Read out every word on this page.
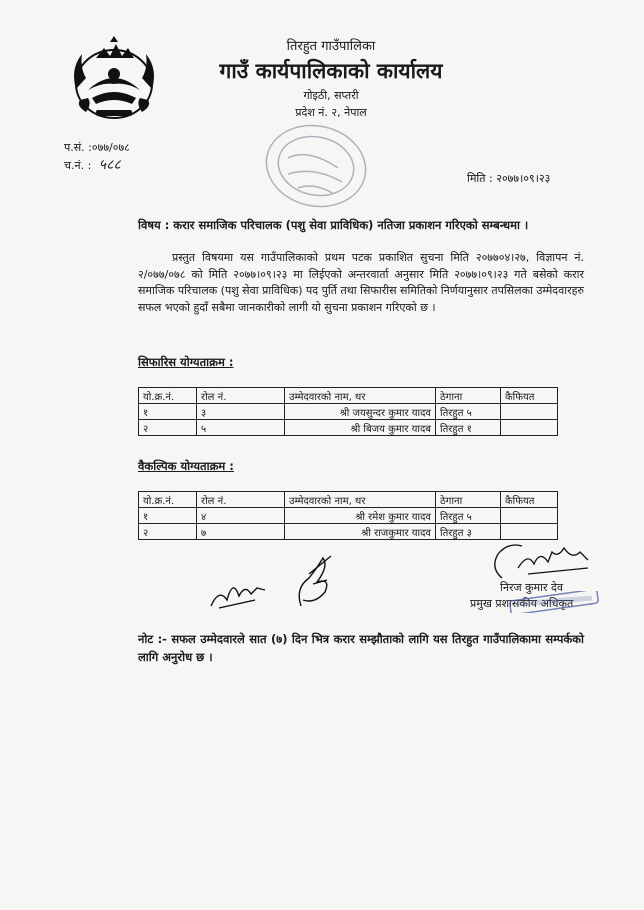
तिरहुत गाउँपालिका
गाउँ कार्यपालिकाको कार्यालय
गोइठी, सप्तरी
प्रदेश नं. २, नेपाल
प.सं. :०७७/०७८
च.नं. : ५८८
मिति : २०७७।०९।२३
विषय : करार समाजिक परिचालक (पशु सेवा प्राविधिक) नतिजा प्रकाशन गरिएको सम्बन्धमा ।
प्रस्तुत विषयमा यस गाउँपालिकाको प्रथम पटक प्रकाशित सुचना मिति २०७७०४।२७, विज्ञापन नं. २/०७७/०७८ को मिति २०७७।०९।२३ मा लिईएको अन्तरवार्ता अनुसार मिति २०७७।०९।२३ गते बसेको करार समाजिक परिचालक (पशु सेवा प्राविधिक) पद पुर्ति तथा सिफारीस समितिको निर्णयानुसार तपसिलका उम्मेदवारहरु सफल भएको हुदाँ सबैमा जानकारीको लागी यो सुचना प्रकाशन गरिएको छ ।
सिफारिस योग्यताक्रम :
यो.क्र.नं.	रोल नं.	उम्मेदवारको नाम, थर	ठेगाना	कैफियत
१	३	श्री जयसुन्दर कुमार यादव	तिरहुत ५	
२	५	श्री बिजय कुमार यादब	तिरहुत १	
वैकल्पिक योग्यताक्रम :
यो.क्र.नं.	रोल नं.	उम्मेदवारको नाम, थर	ठेगाना	कैफियत
१	४	श्री रमेश कुमार यादव	तिरहुत ५	
२	७	श्री राजकुमार यादव	तिरहुत ३	
निरज कुमार देव
प्रमुख प्रशासकीय अधिकृत
नोट :- सफल उम्मेदवारले सात (७) दिन भित्र करार सम्झौताको लागि यस तिरहुत गाउँपालिकामा सम्पर्कको लागि अनुरोध छ ।
